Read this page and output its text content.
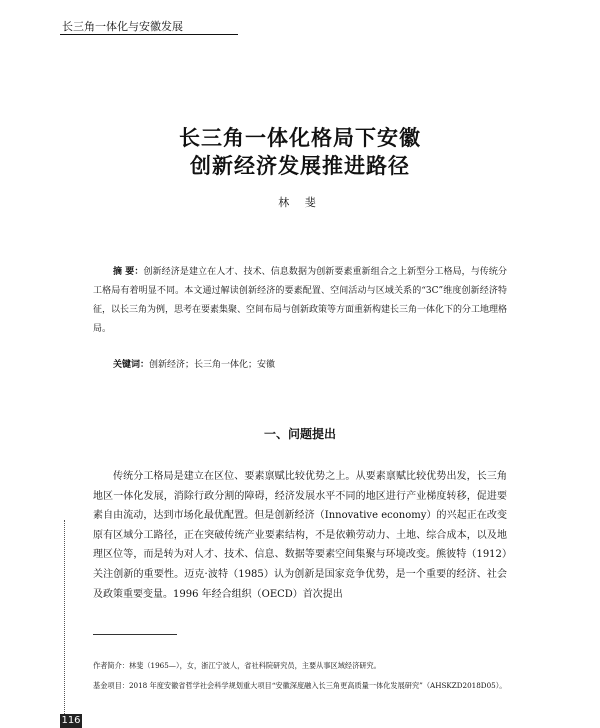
长三角一体化与安徽发展
长三角一体化格局下安徽
创新经济发展推进路径
林 斐
摘 要：创新经济是建立在人才、技术、信息数据为创新要素重新组合之上新型分工格局，与传统分工格局有着明显不同。本文通过解读创新经济的要素配置、空间活动与区域关系的“3C”维度创新经济特征，以长三角为例，思考在要素集聚、空间布局与创新政策等方面重新构建长三角一体化下的分工地理格局。
关键词：创新经济；长三角一体化；安徽
一、问题提出

传统分工格局是建立在区位、要素禀赋比较优势之上。从要素禀赋比较优势出发，长三角地区一体化发展，消除行政分割的障碍，经济发展水平不同的地区进行产业梯度转移，促进要素自由流动，达到市场化最优配置。但是创新经济（Innovative economy）的兴起正在改变原有区域分工路径，正在突破传统产业要素结构，不是依赖劳动力、土地、综合成本，以及地理区位等，而是转为对人才、技术、信息、数据等要素空间集聚与环境改变。熊彼特（1912）关注创新的重要性。迈克·波特（1985）认为创新是国家竞争优势，是一个重要的经济、社会及政策重要变量。1996 年经合组织（OECD）首次提出

作者简介：林斐（1965—），女，浙江宁波人，省社科院研究员，主要从事区域经济研究。
基金项目：2018 年度安徽省哲学社会科学规划重大项目“安徽深度融入长三角更高质量一体化发展研究”（AHSKZD2018D05）。
116
